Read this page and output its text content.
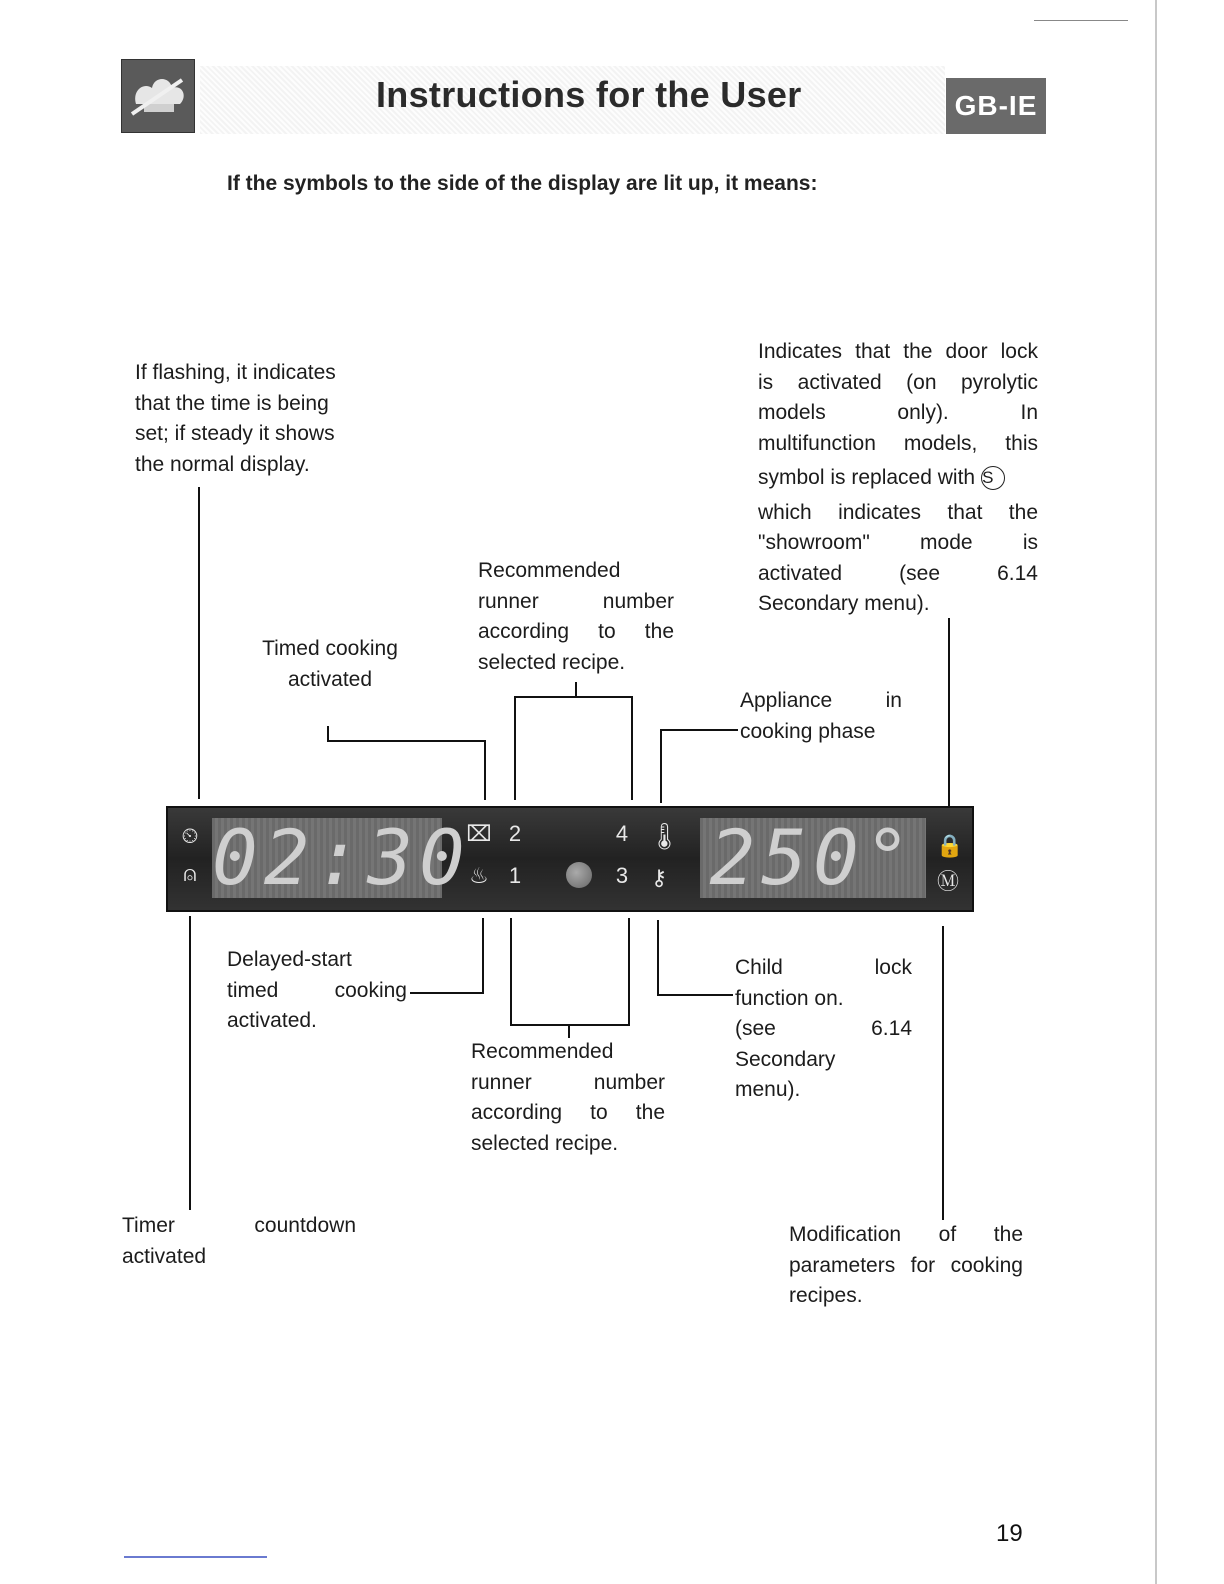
Instructions for the User	GB-IE
If the symbols to the side of the display are lit up, it means:
If flashing, it indicates that the time is being set; if steady it shows the normal display.
Indicates that the door lock
is activated (on pyrolytic
models only). In
multifunction models, this
symbol is replaced with S
which indicates that the
"showroom" mode is
activated (see 6.14
Secondary menu).
Timed cooking activated
Recommended
runner number
according to the
selected recipe.
Appliance in
cooking phase
Delayed-start
timed cooking
activated.
Recommended
runner number
according to the
selected recipe.
Child lock
function on.
(see 6.14
Secondary
menu).
Timer countdown
activated
Modification of the
parameters for cooking
recipes.
02:30	250°
⏲
⍝
⌧
♨
2
1
4
3
🌡
⚷
🔒
Ⓜ
19
